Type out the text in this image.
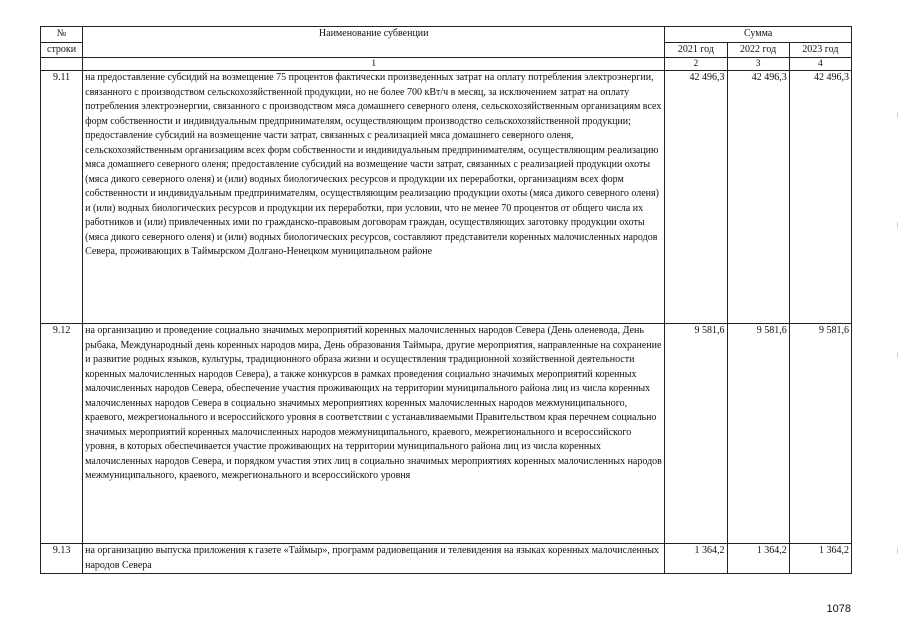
№	Наименование субвенции	Сумма		
строки		2021 год	2022 год	2023 год
	1	2	3	4
9.11	на предоставление субсидий на возмещение 75 процентов фактически произведенных затрат на оплату потребления электроэнергии, связанного с производством сельскохозяйственной продукции, но не более 700 кВт/ч в месяц, за исключением затрат на оплату потребления электроэнергии, связанного с производством мяса домашнего северного оленя, сельскохозяйственным организациям всех форм собственности и индивидуальным предпринимателям, осуществляющим производство сельскохозяйственной продукции; предоставление субсидий на возмещение части затрат, связанных с реализацией мяса домашнего северного оленя, сельскохозяйственным организациям всех форм собственности и индивидуальным предпринимателям, осуществляющим реализацию мяса домашнего северного оленя; предоставление субсидий на возмещение части затрат, связанных с реализацией продукции охоты (мяса дикого северного оленя) и (или) водных биологических ресурсов и продукции их переработки, организациям всех форм собственности и индивидуальным предпринимателям, осуществляющим реализацию продукции охоты (мяса дикого северного оленя) и (или) водных биологических ресурсов и продукции их переработки, при условии, что не менее 70 процентов от общего числа их работников и (или) привлеченных ими по гражданско-правовым договорам граждан, осуществляющих заготовку продукции охоты (мяса дикого северного оленя) и (или) водных биологических ресурсов, составляют представители коренных малочисленных народов Севера, проживающих в Таймырском Долгано-Ненецком муниципальном районе	42 496,3	42 496,3	42 496,3
9.12	на организацию и проведение социально значимых мероприятий коренных малочисленных народов Севера (День оленевода, День рыбака, Международный день коренных народов мира, День образования Таймыра, другие мероприятия, направленные на сохранение и развитие родных языков, культуры, традиционного образа жизни и осуществления традиционной хозяйственной деятельности коренных малочисленных народов Севера), а также конкурсов в рамках проведения социально значимых мероприятий коренных малочисленных народов Севера, обеспечение участия проживающих на территории муниципального района лиц из числа коренных малочисленных народов Севера в социально значимых мероприятиях коренных малочисленных народов межмуниципального, краевого, межрегионального и всероссийского уровня в соответствии с устанавливаемыми Правительством края перечнем социально значимых мероприятий коренных малочисленных народов межмуниципального, краевого, межрегионального и всероссийского уровня, в которых обеспечивается участие проживающих на территории муниципального района лиц из числа коренных малочисленных народов Севера, и порядком участия этих лиц в социально значимых мероприятиях коренных малочисленных народов межмуниципального, краевого, межрегионального и всероссийского уровня	9 581,6	9 581,6	9 581,6
9.13	на организацию выпуска приложения к газете «Таймыр», программ радиовещания и телевидения на языках коренных малочисленных народов Севера	1 364,2	1 364,2	1 364,2
1078
